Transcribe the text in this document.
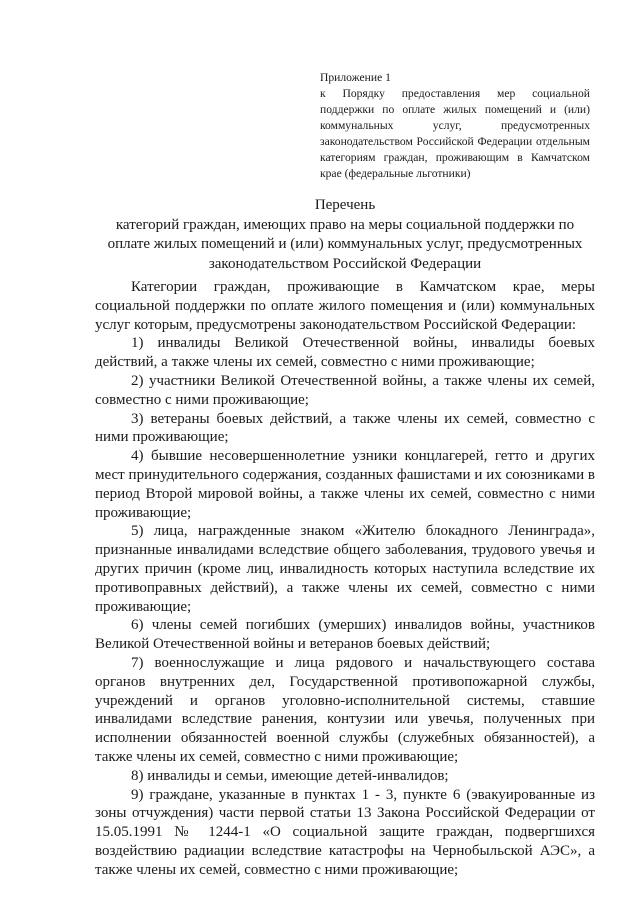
Приложение 1

к Порядку предоставления мер социальной поддержки по оплате жилых помещений и (или) коммунальных услуг, предусмотренных законодательством Российской Федерации отдельным категориям граждан, проживающим в Камчатском крае (федеральные льготники)

Перечень

категорий граждан, имеющих право на меры социальной поддержки по оплате жилых помещений и (или) коммунальных услуг, предусмотренных законодательством Российской Федерации

Категории граждан, проживающие в Камчатском крае, меры социальной поддержки по оплате жилого помещения и (или) коммунальных услуг которым, предусмотрены законодательством Российской Федерации:

1) инвалиды Великой Отечественной войны, инвалиды боевых действий, а также члены их семей, совместно с ними проживающие;

2) участники Великой Отечественной войны, а также члены их семей, совместно с ними проживающие;

3) ветераны боевых действий, а также члены их семей, совместно с ними проживающие;

4) бывшие несовершеннолетние узники концлагерей, гетто и других мест принудительного содержания, созданных фашистами и их союзниками в период Второй мировой войны, а также члены их семей, совместно с ними проживающие;

5) лица, награжденные знаком «Жителю блокадного Ленинграда», признанные инвалидами вследствие общего заболевания, трудового увечья и других причин (кроме лиц, инвалидность которых наступила вследствие их противоправных действий), а также члены их семей, совместно с ними проживающие;

6) члены семей погибших (умерших) инвалидов войны, участников Великой Отечественной войны и ветеранов боевых действий;

7) военнослужащие и лица рядового и начальствующего состава органов внутренних дел, Государственной противопожарной службы, учреждений и органов уголовно-исполнительной системы, ставшие инвалидами вследствие ранения, контузии или увечья, полученных при исполнении обязанностей военной службы (служебных обязанностей), а также члены их семей, совместно с ними проживающие;

8) инвалиды и семьи, имеющие детей-инвалидов;

9) граждане, указанные в пунктах 1 - 3, пункте 6 (эвакуированные из зоны отчуждения) части первой статьи 13 Закона Российской Федерации от 15.05.1991 № 1244-1 «О социальной защите граждан, подвергшихся воздействию радиации вследствие катастрофы на Чернобыльской АЭС», а также члены их семей, совместно с ними проживающие;
